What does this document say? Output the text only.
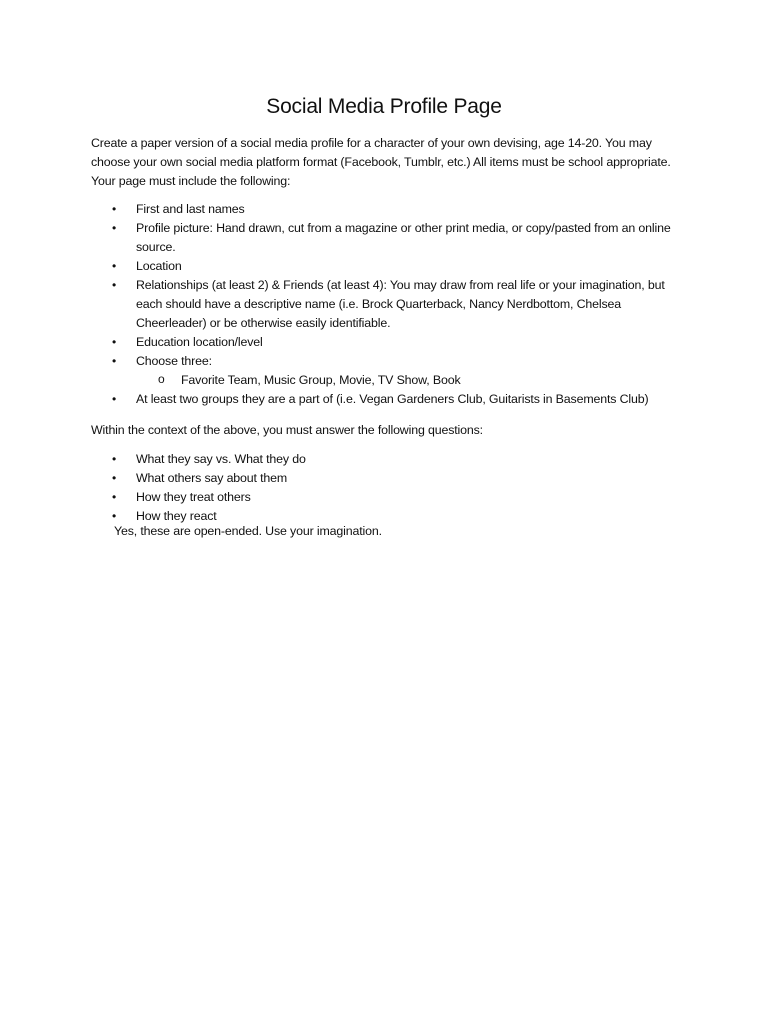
Social Media Profile Page

Create a paper version of a social media profile for a character of your own devising, age 14-20. You may choose your own social media platform format (Facebook, Tumblr, etc.) All items must be school appropriate. Your page must include the following:

• First and last names
• Profile picture: Hand drawn, cut from a magazine or other print media, or copy/pasted from an online source.
• Location
• Relationships (at least 2) & Friends (at least 4): You may draw from real life or your imagination, but each should have a descriptive name (i.e. Brock Quarterback, Nancy Nerdbottom, Chelsea Cheerleader) or be otherwise easily identifiable.
• Education location/level
• Choose three:
o Favorite Team, Music Group, Movie, TV Show, Book
• At least two groups they are a part of (i.e. Vegan Gardeners Club, Guitarists in Basements Club)

Within the context of the above, you must answer the following questions:

• What they say vs. What they do
• What others say about them
• How they treat others
• How they react

Yes, these are open-ended. Use your imagination.
